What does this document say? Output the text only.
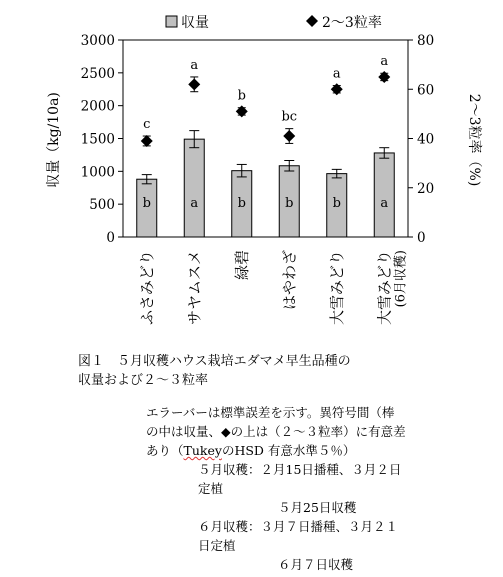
収量	2～3粒率
収量（kg/10a)	2～3粒率（%)
0
500
1000
1500
2000
2500
3000
0
20
40
60
80
b
c
ふさみどり
a
a
サヤムスメ
b
b
緑碧
b
bc
はやわざ
b
a
大雪みどり
a
a
大雪みどり (6月収穫)
図１　５月収穫ハウス栽培エダマメ早生品種の
収量および２～３粒率
エラーバーは標準誤差を示す。異符号間（棒
の中は収量、◆の上は（２～３粒率）に有意差
あり（TukeyのHSD 有意水準５％）
５月収穫：２月15日播種、３月２日
定植
５月25日収穫
６月収穫：３月７日播種、３月２１
日定植
６月７日収穫
